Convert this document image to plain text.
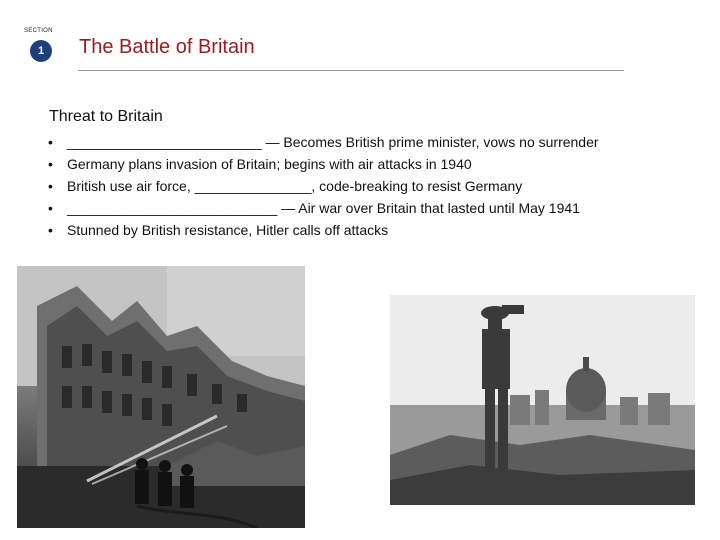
SECTION
1	The Battle of Britain
Threat to Britain
•	_________________________ — Becomes British prime minister, vows no surrender
•	Germany plans invasion of Britain; begins with air attacks in 1940
•	British use air force, _______________, code-breaking to resist Germany
•	___________________________ — Air war over Britain that lasted until May 1941
•	Stunned by British resistance, Hitler calls off attacks
